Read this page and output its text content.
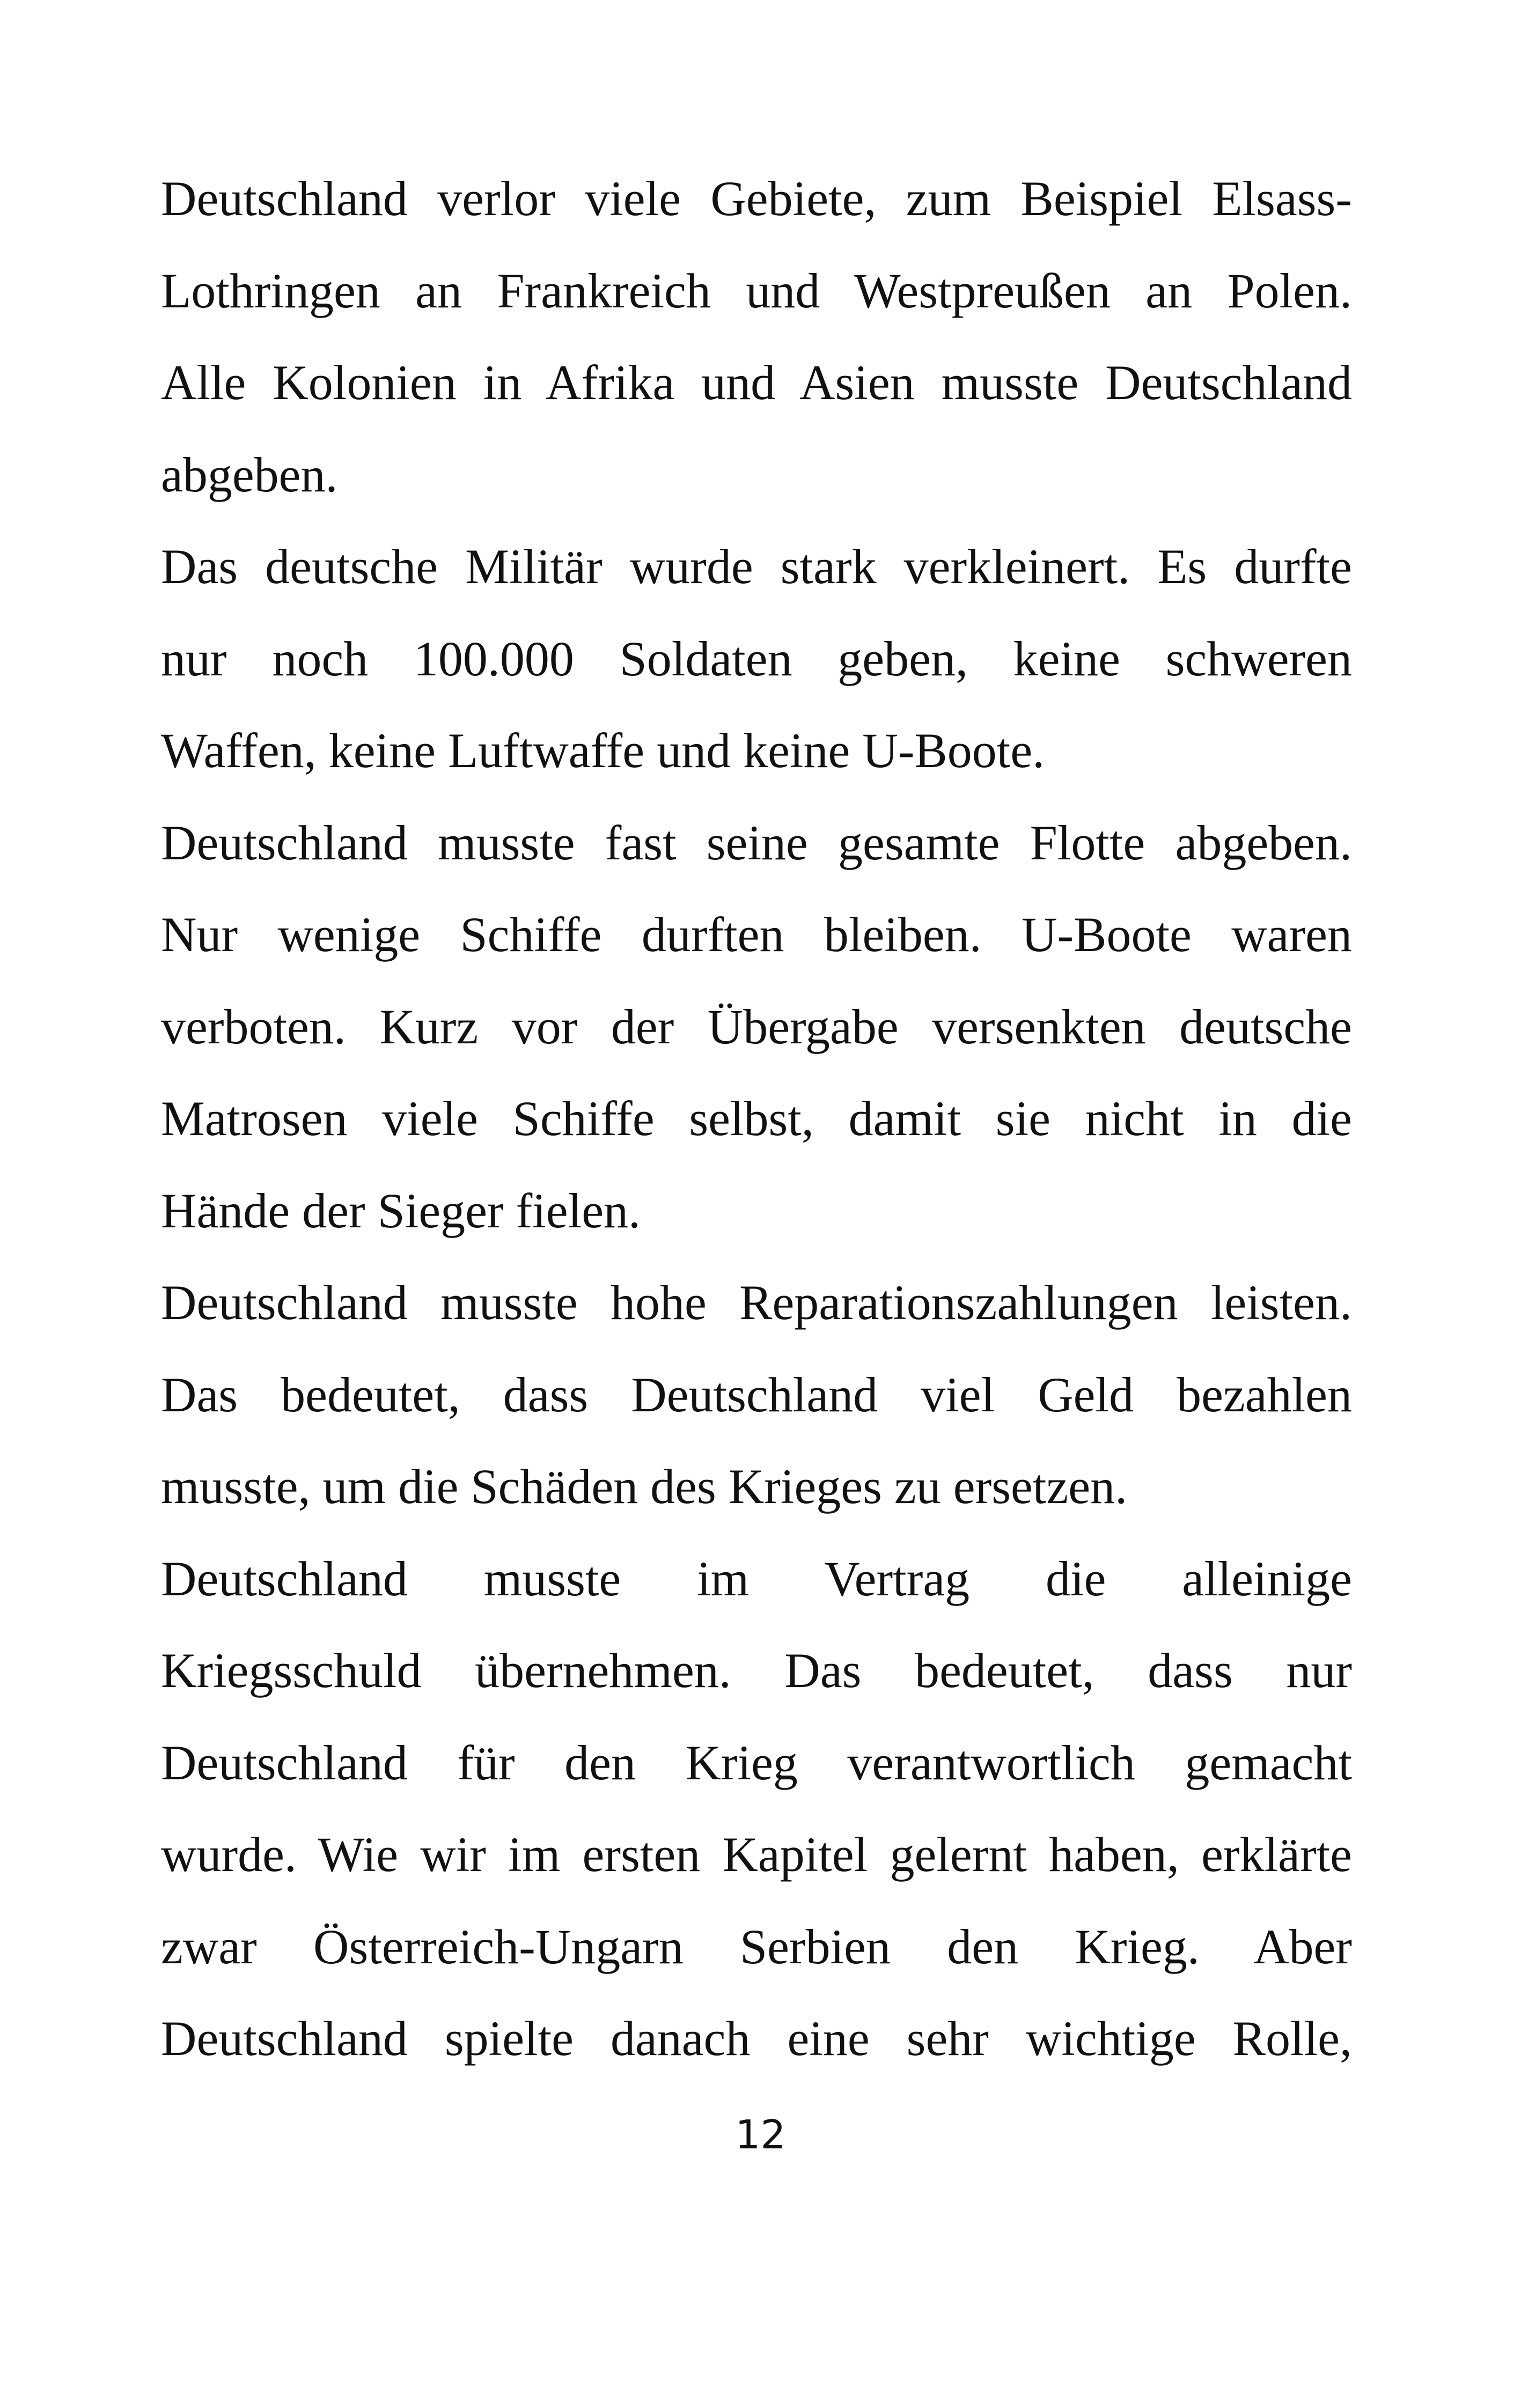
Deutschland verlor viele Gebiete, zum Beispiel Elsass-
Lothringen an Frankreich und Westpreußen an Polen.
Alle Kolonien in Afrika und Asien musste Deutschland
abgeben.
Das deutsche Militär wurde stark verkleinert. Es durfte
nur noch 100.000 Soldaten geben, keine schweren
Waffen, keine Luftwaffe und keine U-Boote.
Deutschland musste fast seine gesamte Flotte abgeben.
Nur wenige Schiffe durften bleiben. U-Boote waren
verboten. Kurz vor der Übergabe versenkten deutsche
Matrosen viele Schiffe selbst, damit sie nicht in die
Hände der Sieger fielen.
Deutschland musste hohe Reparationszahlungen leisten.
Das bedeutet, dass Deutschland viel Geld bezahlen
musste, um die Schäden des Krieges zu ersetzen.
Deutschland musste im Vertrag die alleinige
Kriegsschuld übernehmen. Das bedeutet, dass nur
Deutschland für den Krieg verantwortlich gemacht
wurde. Wie wir im ersten Kapitel gelernt haben, erklärte
zwar Österreich-Ungarn Serbien den Krieg. Aber
Deutschland spielte danach eine sehr wichtige Rolle,
12
